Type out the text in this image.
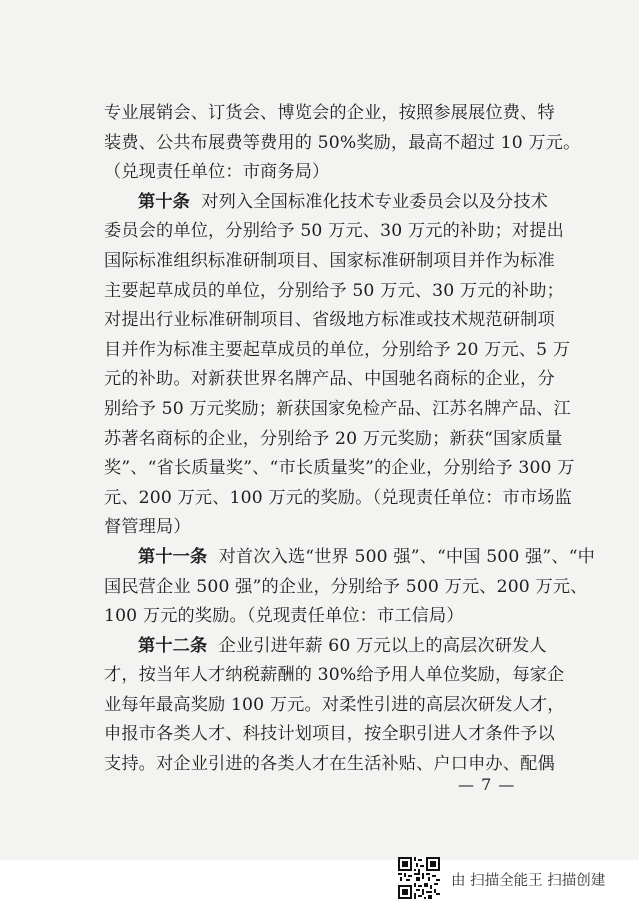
专业展销会、订货会、博览会的企业，按照参展展位费、特
装费、公共布展费等费用的 50%奖励，最高不超过 10 万元。
（兑现责任单位：市商务局）

第十条 对列入全国标准化技术专业委员会以及分技术
委员会的单位，分别给予 50 万元、30 万元的补助；对提出
国际标准组织标准研制项目、国家标准研制项目并作为标准
主要起草成员的单位，分别给予 50 万元、30 万元的补助；
对提出行业标准研制项目、省级地方标准或技术规范研制项
目并作为标准主要起草成员的单位，分别给予 20 万元、5 万
元的补助。对新获世界名牌产品、中国驰名商标的企业，分
别给予 50 万元奖励；新获国家免检产品、江苏名牌产品、江
苏著名商标的企业，分别给予 20 万元奖励；新获“国家质量
奖”、“省长质量奖”、“市长质量奖”的企业，分别给予 300 万
元、200 万元、100 万元的奖励。（兑现责任单位：市市场监
督管理局）

第十一条 对首次入选“世界 500 强”、“中国 500 强”、“中
国民营企业 500 强”的企业，分别给予 500 万元、200 万元、
100 万元的奖励。（兑现责任单位：市工信局）

第十二条 企业引进年薪 60 万元以上的高层次研发人
才，按当年人才纳税薪酬的 30%给予用人单位奖励，每家企
业每年最高奖励 100 万元。对柔性引进的高层次研发人才，
申报市各类人才、科技计划项目，按全职引进人才条件予以
支持。对企业引进的各类人才在生活补贴、户口申办、配偶

— 7 —
由 扫描全能王 扫描创建
